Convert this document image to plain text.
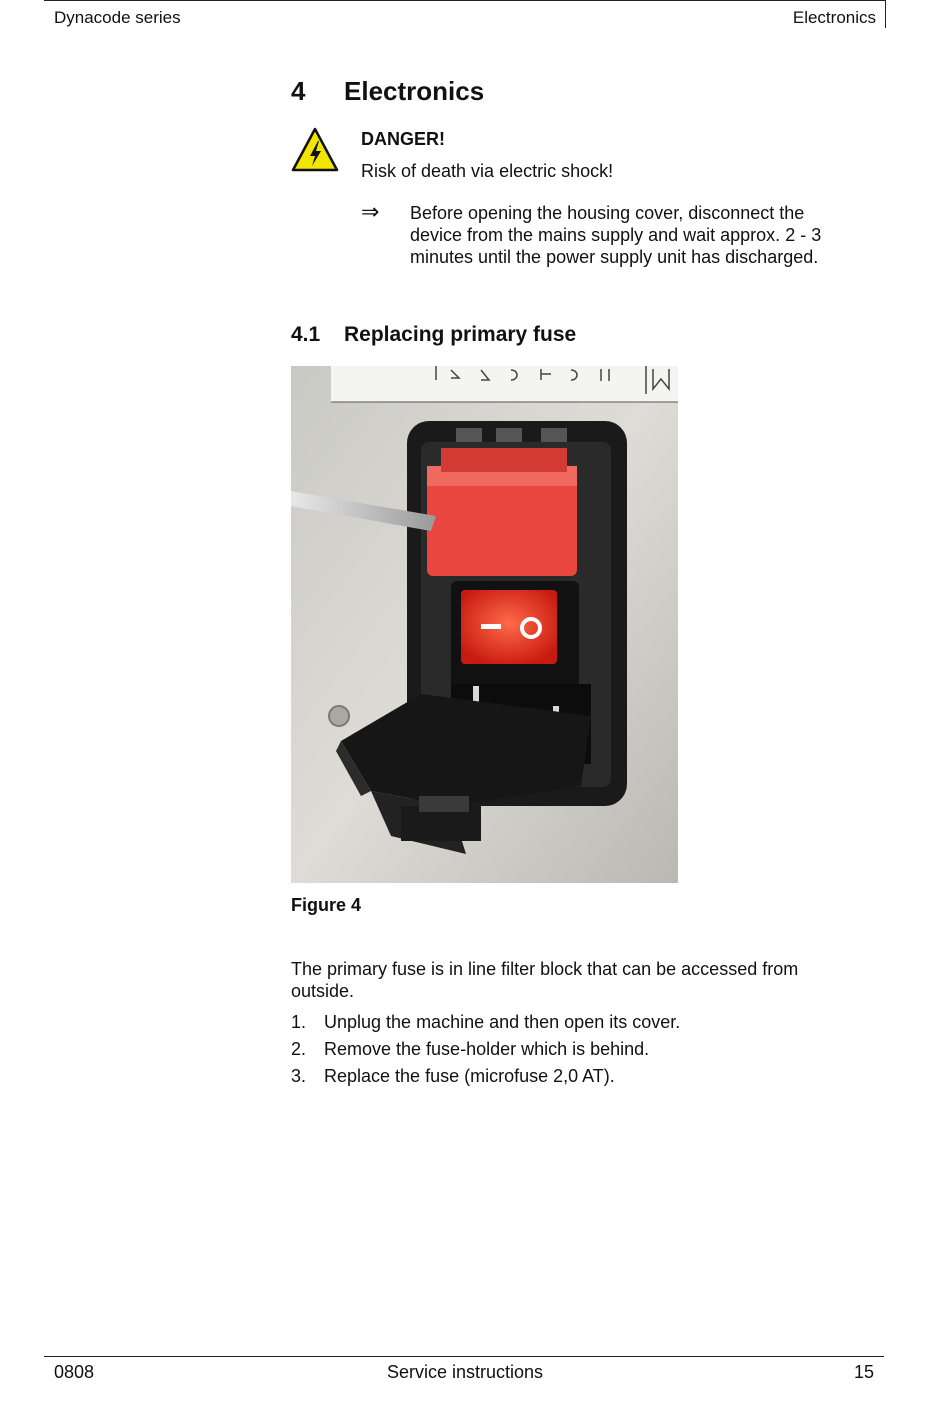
Dynacode series	Electronics
4 Electronics
DANGER!
Risk of death via electric shock!
⇒ Before opening the housing cover, disconnect the device from the mains supply and wait approx. 2 - 3 minutes until the power supply unit has discharged.
4.1 Replacing primary fuse
Figure 4
The primary fuse is in line filter block that can be accessed from outside.
1. Unplug the machine and then open its cover.
2. Remove the fuse-holder which is behind.
3. Replace the fuse (microfuse 2,0 AT).
0808	Service instructions	15
